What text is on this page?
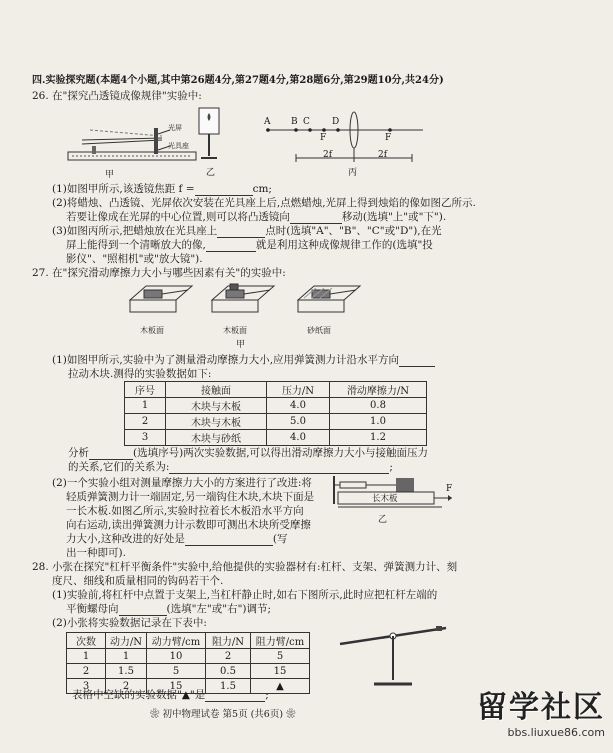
四.实验探究题(本题4个小题,其中第26题4分,第27题4分,第28题6分,第29题10分,共24分)
26. 在"探究凸透镜成像规律"实验中:
光屏
光具座
甲	乙
A B C D
F	F
2f	2f
丙
(1)如图甲所示,该透镜焦距 f =	cm;
(2)将蜡烛、凸透镜、光屏依次安装在光具座上后,点燃蜡烛,光屏上得到烛焰的像如图乙所示.
若要让像成在光屏的中心位置,则可以将凸透镜向	移动(选填"上"或"下").
(3)如图丙所示,把蜡烛放在光具座上	点时(选填"A"、"B"、"C"或"D"),在光
屏上能得到一个清晰放大的像,	就是利用这种成像规律工作的(选填"投
影仪"、"照相机"或"放大镜").
27. 在"探究滑动摩擦力大小与哪些因素有关"的实验中:
木板面	木板面	砂纸面
甲
(1)如图甲所示,实验中为了测量滑动摩擦力大小,应用弹簧测力计沿水平方向
拉动木块.测得的实验数据如下:
序号	接触面	压力/N	滑动摩擦力/N
1	木块与木板	4.0	0.8
2	木块与木板	5.0	1.0
3	木块与砂纸	4.0	1.2
分析	(选填序号)两次实验数据,可以得出滑动摩擦力大小与接触面压力
的关系,它们的关系为:	;
(2)一个实验小组对测量摩擦力大小的方案进行了改进:将
轻质弹簧测力计一端固定,另一端钩住木块,木块下面是
一长木板.如图乙所示,实验时拉着长木板沿水平方向
向右运动,读出弹簧测力计示数即可测出木块所受摩擦
力大小,这种改进的好处是	(写
出一种即可).
长木板
F
乙
28. 小张在探究"杠杆平衡条件"实验中,给他提供的实验器材有:杠杆、支架、弹簧测力计、刻
度尺、细线和质量相同的钩码若干个.
(1)实验前,将杠杆中点置于支架上,当杠杆静止时,如右下图所示,此时应把杠杆左端的
平衡螺母向	(选填"左"或"右")调节;
(2)小张将实验数据记录在下表中:
次数	动力/N	动力臂/cm	阻力/N	阻力臂/cm
1	1	10	2	5
2	1.5	5	0.5	15
3	2	15	1.5	▲
表格中空缺的实验数据"▲"是	;
❀ 初中物理试卷 第5页 (共6页) ❀	留学社区
bbs.liuxue86.com
